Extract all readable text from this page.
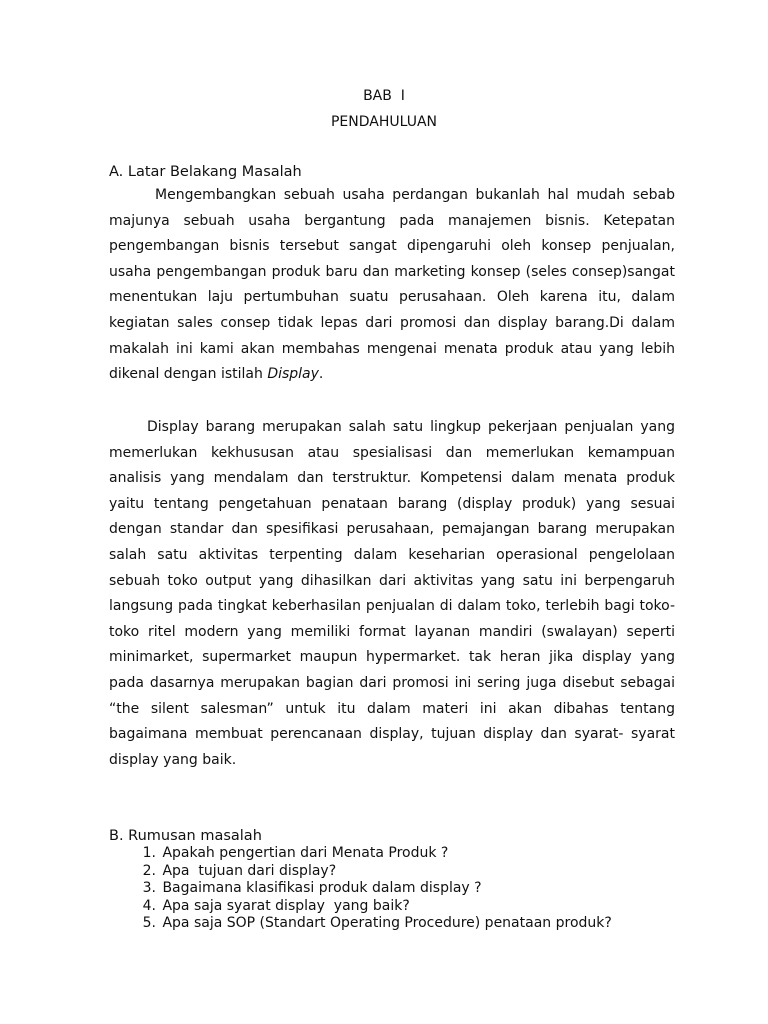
BAB  I
PENDAHULUAN
A. Latar Belakang Masalah

Mengembangkan sebuah usaha perdangan bukanlah hal mudah sebab majunya sebuah usaha bergantung pada manajemen bisnis. Ketepatan pengembangan bisnis tersebut sangat dipengaruhi oleh konsep penjualan, usaha pengembangan produk baru dan marketing konsep (seles consep)sangat menentukan laju pertumbuhan suatu perusahaan. Oleh karena itu, dalam kegiatan sales consep tidak lepas dari promosi dan display barang.Di dalam makalah ini kami akan membahas mengenai menata produk atau yang lebih dikenal dengan istilah Display.

Display barang merupakan salah satu lingkup pekerjaan penjualan yang memerlukan kekhususan atau spesialisasi dan memerlukan kemampuan analisis yang mendalam dan terstruktur. Kompetensi dalam menata produk yaitu tentang pengetahuan penataan barang (display produk) yang sesuai dengan standar dan spesifikasi perusahaan, pemajangan barang merupakan salah satu aktivitas terpenting dalam keseharian operasional pengelolaan sebuah toko output yang dihasilkan dari aktivitas yang satu ini berpengaruh langsung pada tingkat keberhasilan penjualan di dalam toko, terlebih bagi toko-toko ritel modern yang memiliki format layanan mandiri (swalayan) seperti minimarket, supermarket maupun hypermarket. tak heran jika display yang pada dasarnya merupakan bagian dari promosi ini sering juga disebut sebagai “the silent salesman” untuk itu dalam materi ini akan dibahas tentang bagaimana membuat perencanaan display, tujuan display dan syarat- syarat display yang baik.

B. Rumusan masalah
1. Apakah pengertian dari Menata Produk ?
2. Apa  tujuan dari display?
3. Bagaimana klasifikasi produk dalam display ?
4. Apa saja syarat display  yang baik?
5. Apa saja SOP (Standart Operating Procedure) penataan produk?
